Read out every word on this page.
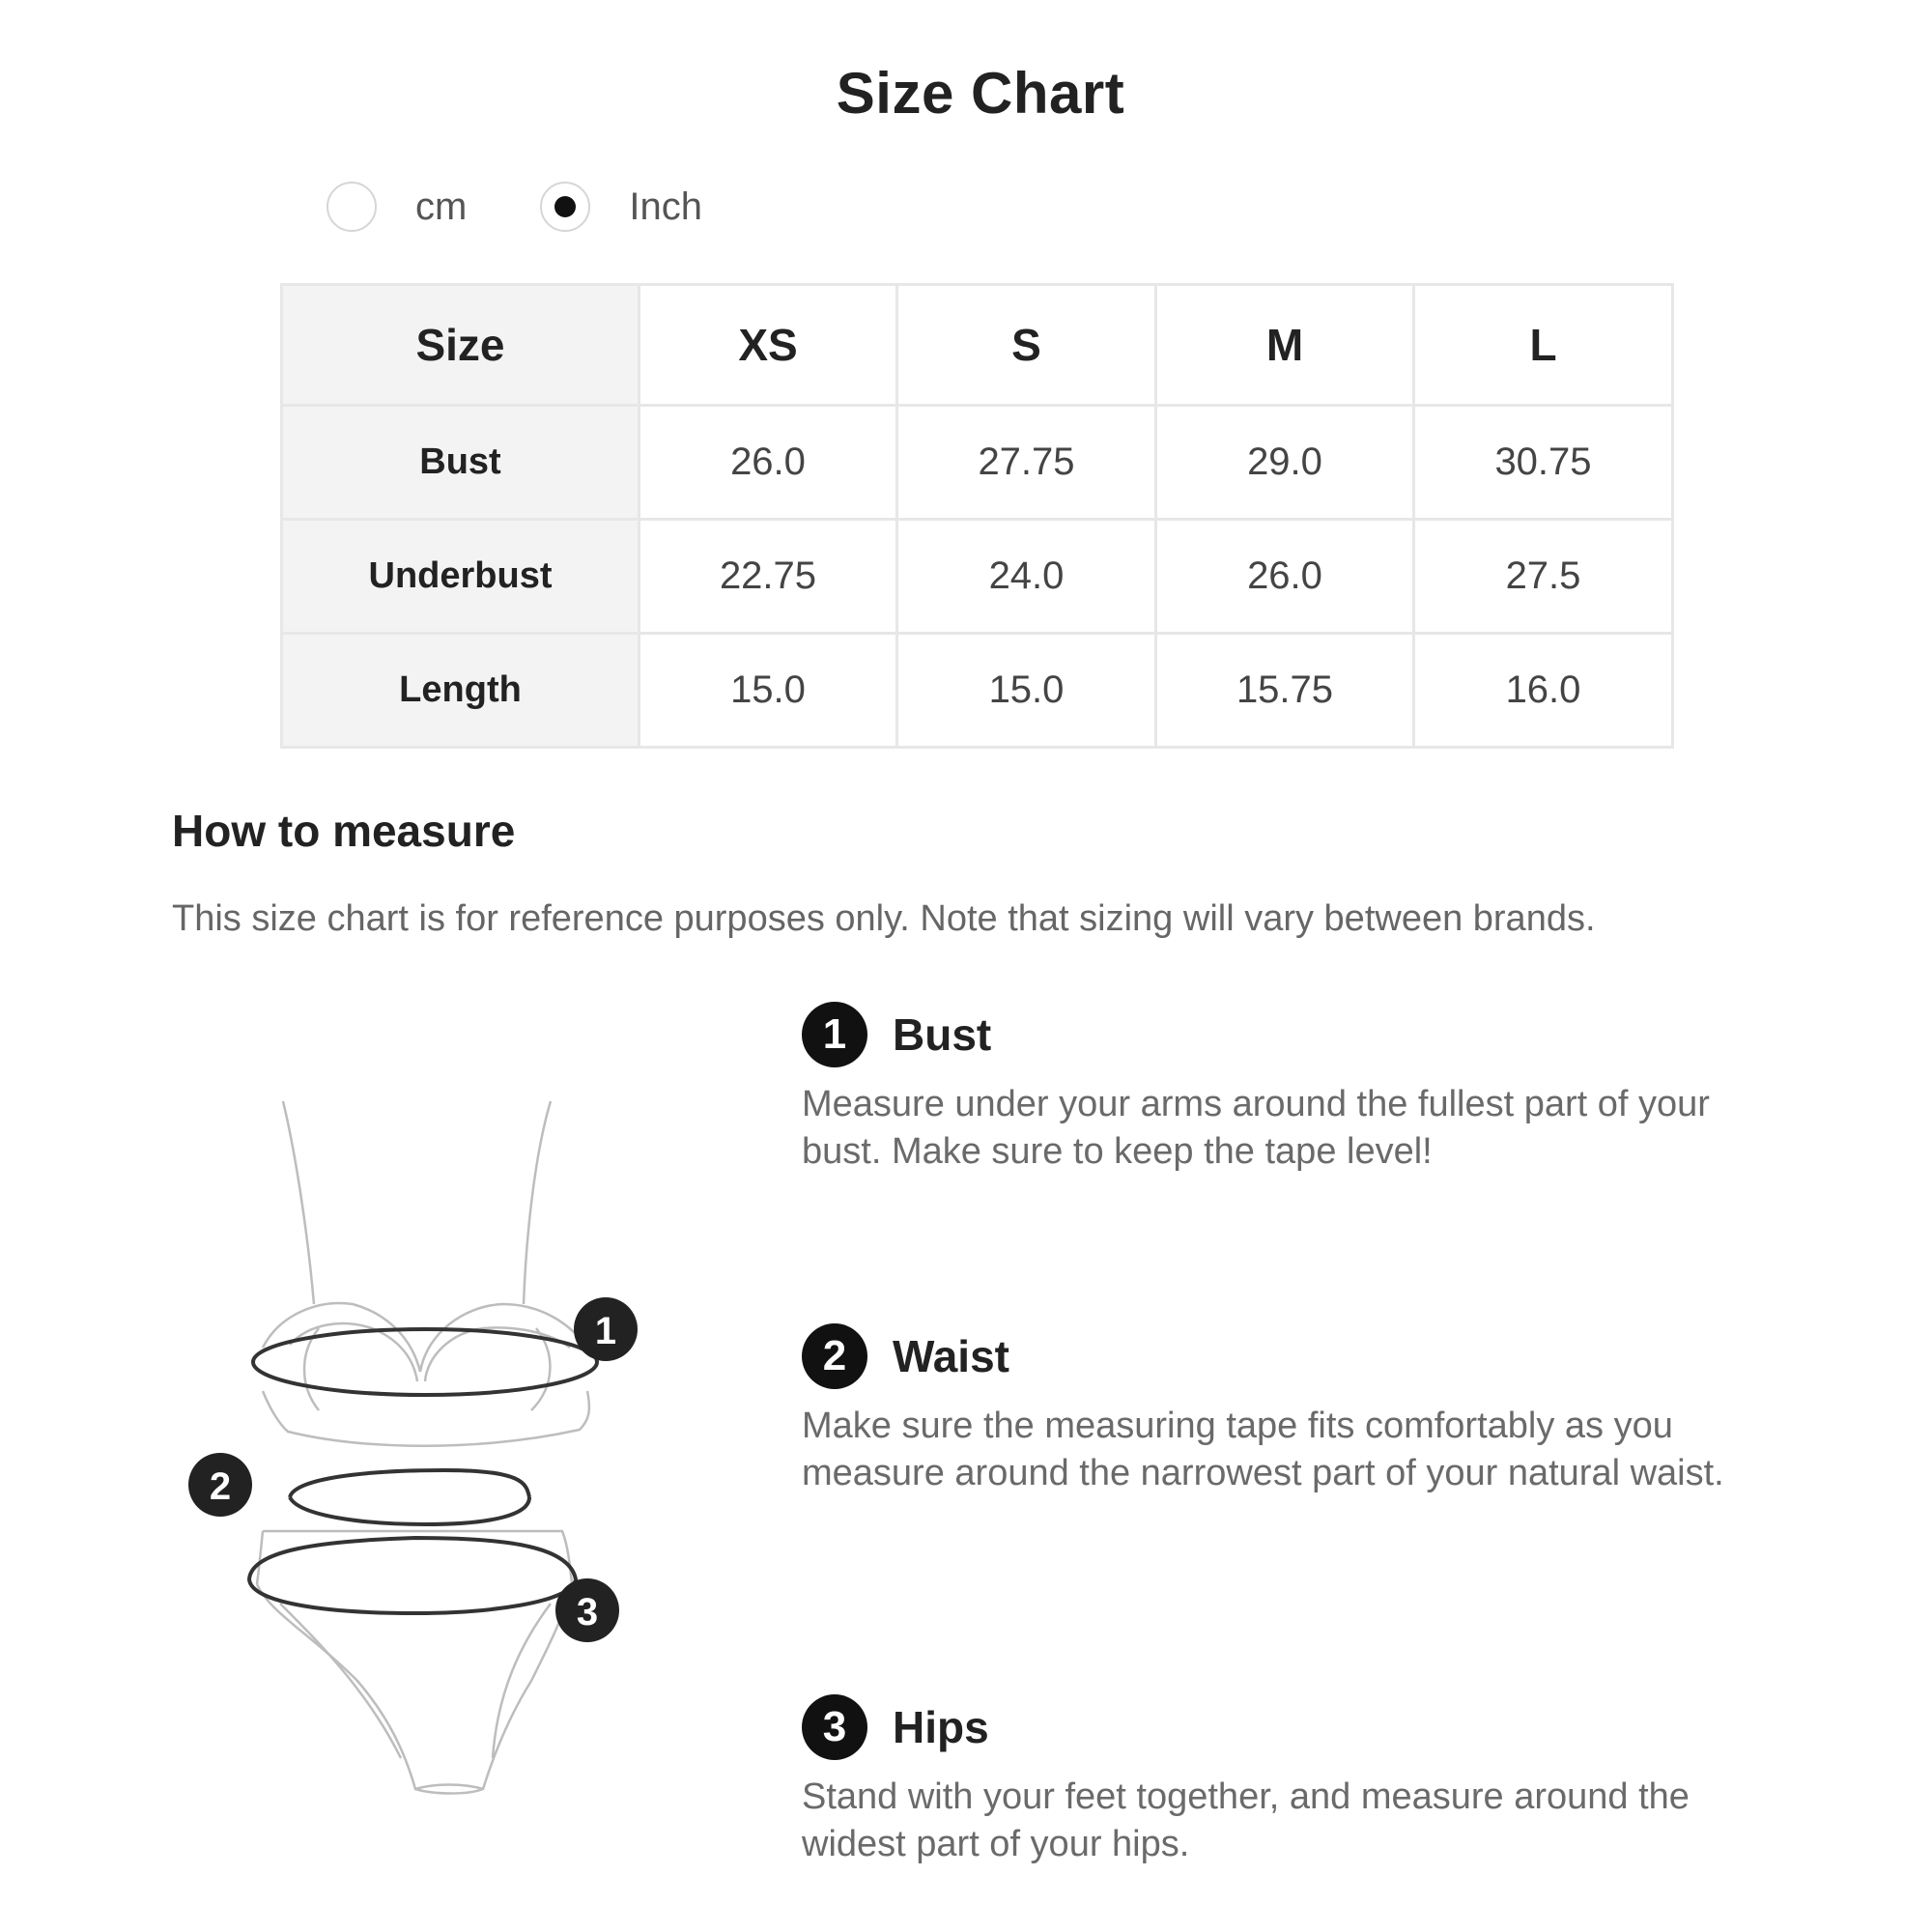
Size Chart
cm	Inch
Size	XS	S	M	L
Bust	26.0	27.75	29.0	30.75
Underbust	22.75	24.0	26.0	27.5
Length	15.0	15.0	15.75	16.0
How to measure
This size chart is for reference purposes only. Note that sizing will vary between brands.
1
2
3
1	Bust
Measure under your arms around the fullest part of your bust. Make sure to keep the tape level!
2	Waist
Make sure the measuring tape fits comfortably as you measure around the narrowest part of your natural waist.
3	Hips
Stand with your feet together, and measure around the widest part of your hips.
